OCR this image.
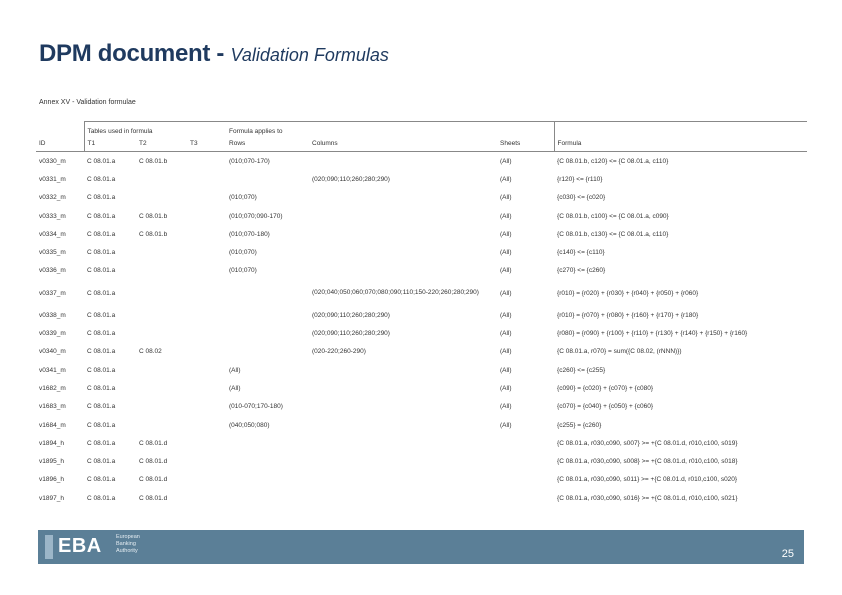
DPM document - Validation Formulas
Annex XV - Validation formulae
	Tables used in formula			Formula applies to			
ID	T1	T2	T3	Rows	Columns	Sheets	Formula
v0330_m	C 08.01.a	C 08.01.b		(010;070-170)		(All)	{C 08.01.b, c120} <= {C 08.01.a, c110}
v0331_m	C 08.01.a				(020;090;110;260;280;290)	(All)	{r120} <= {r110}
v0332_m	C 08.01.a			(010;070)		(All)	{c030} <= {c020}
v0333_m	C 08.01.a	C 08.01.b		(010;070;090-170)		(All)	{C 08.01.b, c100} <= {C 08.01.a, c090}
v0334_m	C 08.01.a	C 08.01.b		(010;070-180)		(All)	{C 08.01.b, c130} <= {C 08.01.a, c110}
v0335_m	C 08.01.a			(010;070)		(All)	{c140} <= {c110}
v0336_m	C 08.01.a			(010;070)		(All)	{c270} <= {c260}
v0337_m	C 08.01.a				(020;040;050;060;070;080;090;110;150-220;260;280;290)	(All)	{r010} = {r020} + {r030} + {r040} + {r050} + {r060}
v0338_m	C 08.01.a				(020;090;110;260;280;290)	(All)	{r010} = {r070} + {r080} + {r160} + {r170} + {r180}
v0339_m	C 08.01.a				(020;090;110;260;280;290)	(All)	{r080} = {r090} + {r100} + {r110} + {r130} + {r140} + {r150} + {r160}
v0340_m	C 08.01.a	C 08.02			(020-220;260-290)	(All)	{C 08.01.a, r070} = sum({C 08.02, (rNNN)})
v0341_m	C 08.01.a			(All)		(All)	{c260} <= {c255}
v1682_m	C 08.01.a			(All)		(All)	{c090} = {c020} + {c070} + {c080}
v1683_m	C 08.01.a			(010-070;170-180)		(All)	{c070} = {c040} + {c050} + {c060}
v1684_m	C 08.01.a			(040;050;080)		(All)	{c255} = {c260}
v1894_h	C 08.01.a	C 08.01.d					{C 08.01.a, r030,c090, s007} >= +{C 08.01.d, r010,c100, s019}
v1895_h	C 08.01.a	C 08.01.d					{C 08.01.a, r030,c090, s008} >= +{C 08.01.d, r010,c100, s018}
v1896_h	C 08.01.a	C 08.01.d					{C 08.01.a, r030,c090, s011} >= +{C 08.01.d, r010,c100, s020}
v1897_h	C 08.01.a	C 08.01.d					{C 08.01.a, r030,c090, s016} >= +{C 08.01.d, r010,c100, s021}
EBA	European
Banking
Authority	25
